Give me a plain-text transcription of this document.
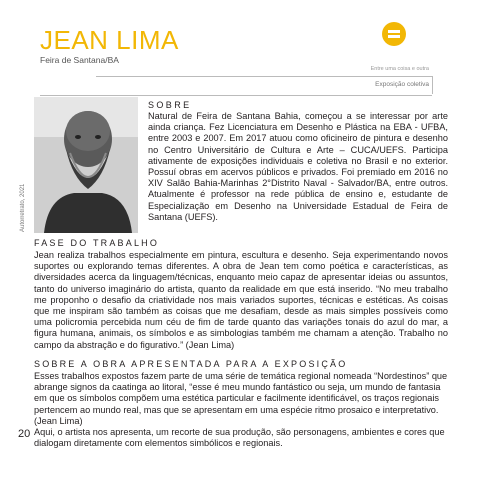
JEAN LIMA
Feira de Santana/BA
Entre uma coisa e outra
Exposição coletiva
Autorretrato, 2021
SOBRE
Natural de Feira de Santana Bahia, começou a se interessar por arte ainda criança. Fez Licenciatura em Desenho e Plástica na EBA - UFBA, entre 2003 e 2007. Em 2017 atuou como oficineiro de pintura e desenho no Centro Universitário de Cultura e Arte – CUCA/UEFS. Participa ativamente de exposições individuais e coletiva no Brasil e no exterior. Possuí obras em acervos públicos e privados. Foi premiado em 2016 no XIV Salão Bahia-Marinhas 2°Distrito Naval - Salvador/BA, entre outros. Atualmente é professor na rede pública de ensino e, estudante de Especialização em Desenho na Universidade Estadual de Feira de Santana (UEFS).
FASE DO TRABALHO
Jean realiza trabalhos especialmente em pintura, escultura e desenho. Seja experimentando novos suportes ou explorando temas diferentes. A obra de Jean tem como poética e características, as diversidades acerca da linguagem/técnicas, enquanto meio capaz de apresentar ideias ou assuntos, tanto do universo imaginário do artista, quanto da realidade em que está inserido. “No meu trabalho me proponho o desafio da criatividade nos mais variados suportes, técnicas e estéticas. As coisas que me inspiram são também as coisas que me desafiam, desde as mais simples possíveis como uma policromia percebida num céu de fim de tarde quanto das variações tonais do azul do mar, a figura humana, animais, os símbolos e as simbologias também me chamam a atenção. Trabalho no campo da abstração e do figurativo.” (Jean Lima)
SOBRE A OBRA APRESENTADA PARA A EXPOSIÇÃO
Esses trabalhos expostos fazem parte de uma série de temática regional nomeada “Nordestinos” que abrange signos da caatinga ao litoral, “esse é meu mundo fantástico ou seja, um mundo de fantasia em que os símbolos compõem uma estética particular e facilmente identificável, os traços regionais pertencem ao mundo real, mas que se apresentam em uma espécie ritmo prosaico e interpretativo. (Jean Lima)
Aqui, o artista nos apresenta, um recorte de sua produção, são personagens, ambientes e cores que dialogam diretamente com elementos simbólicos e regionais.
20
